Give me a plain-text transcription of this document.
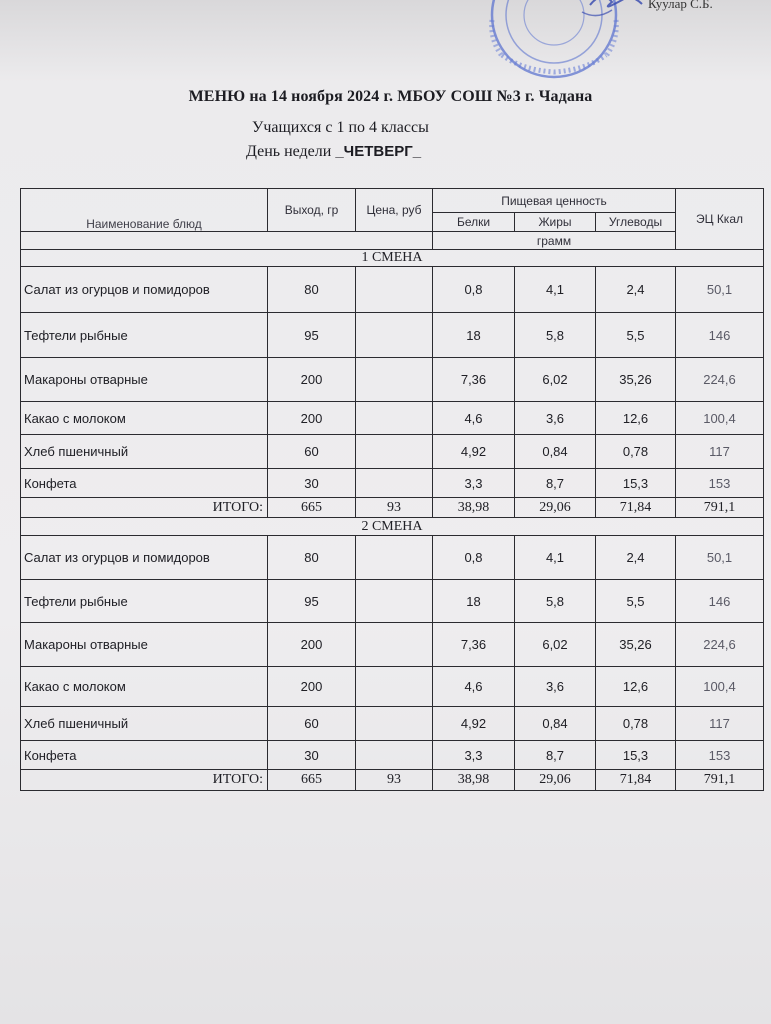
Куулар С.Б.
МЕНЮ на 14 ноября 2024 г. МБОУ СОШ №3 г. Чадана
Учащихся с 1 по 4 классы
День недели _ЧЕТВЕРГ_
Наименование блюд	Выход, гр	Цена, руб	Пищевая ценность			ЭЦ Ккал
			Белки	Жиры	Углеводы	
			грамм			
1 СМЕНА						
Салат из огурцов и помидоров	80		0,8	4,1	2,4	50,1
Тефтели рыбные	95		18	5,8	5,5	146
Макароны отварные	200		7,36	6,02	35,26	224,6
Какао с молоком	200		4,6	3,6	12,6	100,4
Хлеб пшеничный	60		4,92	0,84	0,78	117
Конфета	30		3,3	8,7	15,3	153
ИТОГО:	665	93	38,98	29,06	71,84	791,1
2 СМЕНА						
Салат из огурцов и помидоров	80		0,8	4,1	2,4	50,1
Тефтели рыбные	95		18	5,8	5,5	146
Макароны отварные	200		7,36	6,02	35,26	224,6
Какао с молоком	200		4,6	3,6	12,6	100,4
Хлеб пшеничный	60		4,92	0,84	0,78	117
Конфета	30		3,3	8,7	15,3	153
ИТОГО:	665	93	38,98	29,06	71,84	791,1
